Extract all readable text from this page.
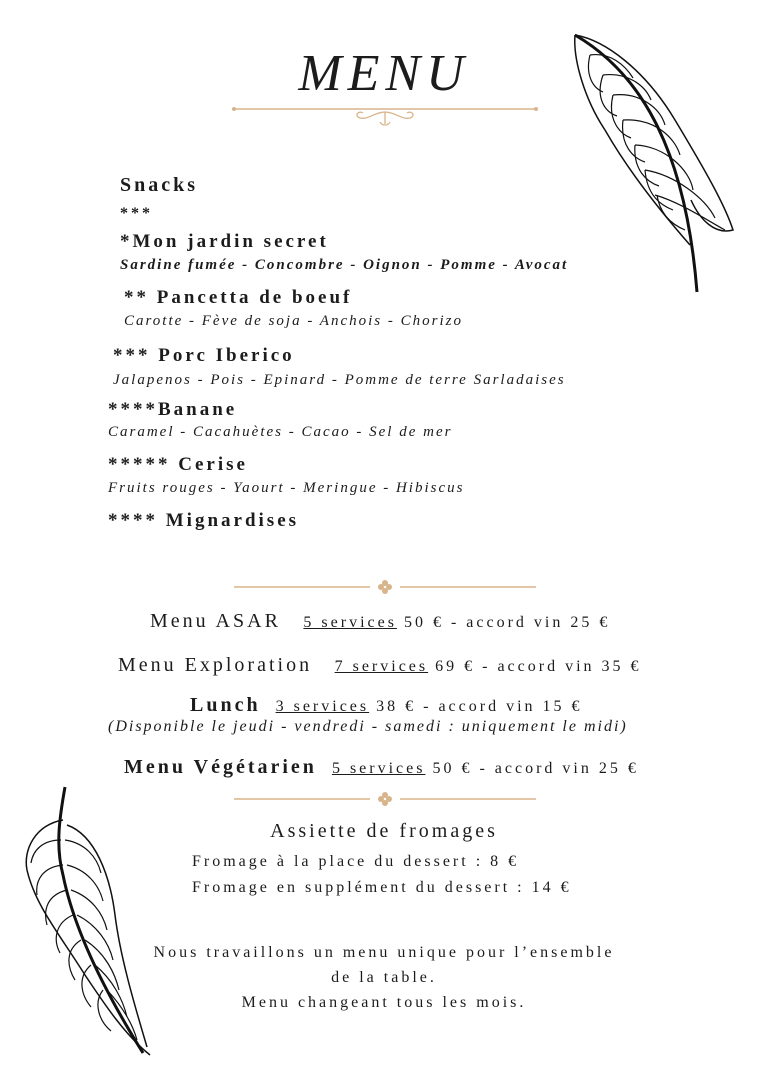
MENU
Snacks
***
*Mon jardin secret
Sardine fumée - Concombre - Oignon - Pomme - Avocat
** Pancetta de boeuf
Carotte - Fève de soja - Anchois - Chorizo
*** Porc Iberico
Jalapenos - Pois - Epinard - Pomme de terre Sarladaises
****Banane
Caramel - Cacahuètes - Cacao - Sel de mer
***** Cerise
Fruits rouges - Yaourt - Meringue - Hibiscus
**** Mignardises
Menu ASAR 5 services 50 € - accord vin 25 €
Menu Exploration 7 services 69 € - accord vin 35 €
Lunch 3 services 38 € - accord vin 15 €
(Disponible le jeudi - vendredi - samedi : uniquement le midi)
Menu Végétarien 5 services 50 € - accord vin 25 €
Assiette de fromages
Fromage à la place du dessert : 8 €
Fromage en supplément du dessert : 14 €
Nous travaillons un menu unique pour l’ensemble
de la table.
Menu changeant tous les mois.
